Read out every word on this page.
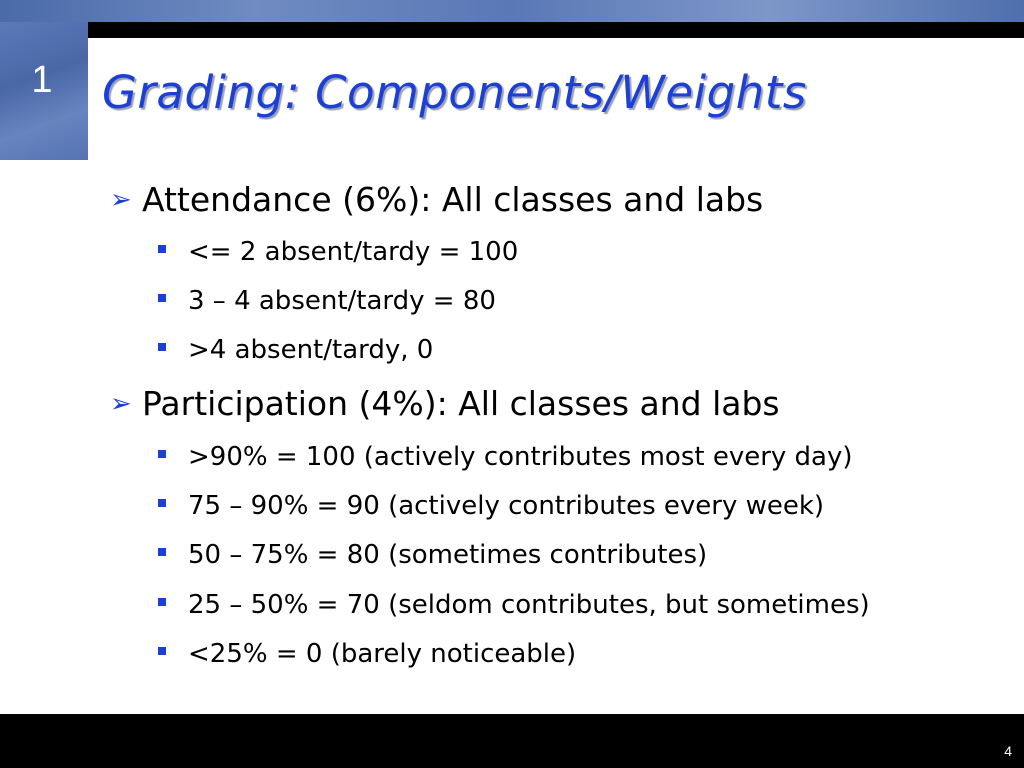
1 Grading: Components/Weights
➢ Attendance (6%): All classes and labs
<= 2 absent/tardy = 100
3 – 4 absent/tardy = 80
>4 absent/tardy, 0
➢ Participation (4%): All classes and labs
>90% = 100 (actively contributes most every day)
75 – 90% = 90 (actively contributes every week)
50 – 75% = 80 (sometimes contributes)
25 – 50% = 70 (seldom contributes, but sometimes)
<25% = 0 (barely noticeable)
4
